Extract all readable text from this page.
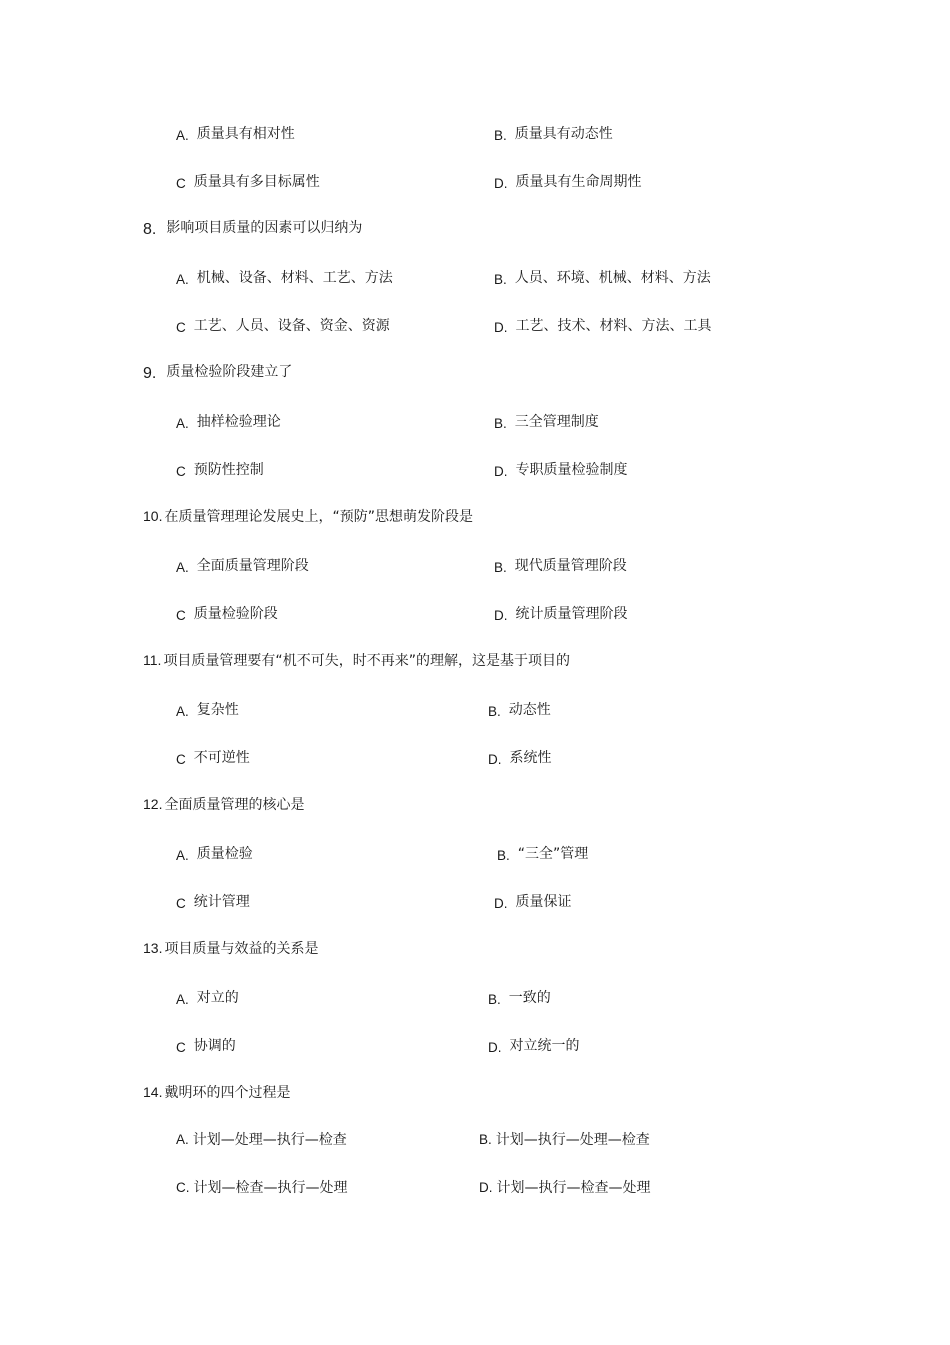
A. 质量具有相对性	B. 质量具有动态性
C 质量具有多目标属性	D. 质量具有生命周期性
8. 影响项目质量的因素可以归纳为
A. 机械、设备、材料、工艺、方法	B. 人员、环境、机械、材料、方法
C 工艺、人员、设备、资金、资源	D. 工艺、技术、材料、方法、工具
9. 质量检验阶段建立了
A. 抽样检验理论	B. 三全管理制度
C 预防性控制	D. 专职质量检验制度
10. 在质量管理理论发展史上，“预防”思想萌发阶段是
A. 全面质量管理阶段	B. 现代质量管理阶段
C 质量检验阶段	D. 统计质量管理阶段
11. 项目质量管理要有“机不可失，时不再来”的理解，这是基于项目的
A. 复杂性	B. 动态性
C 不可逆性	D. 系统性
12. 全面质量管理的核心是
A. 质量检验	B. “三全”管理
C 统计管理	D. 质量保证
13. 项目质量与效益的关系是
A. 对立的	B. 一致的
C 协调的	D. 对立统一的
14. 戴明环的四个过程是
A. 计划—处理—执行—检查	B. 计划—执行—处理—检查
C. 计划—检查—执行—处理	D. 计划—执行—检查—处理
